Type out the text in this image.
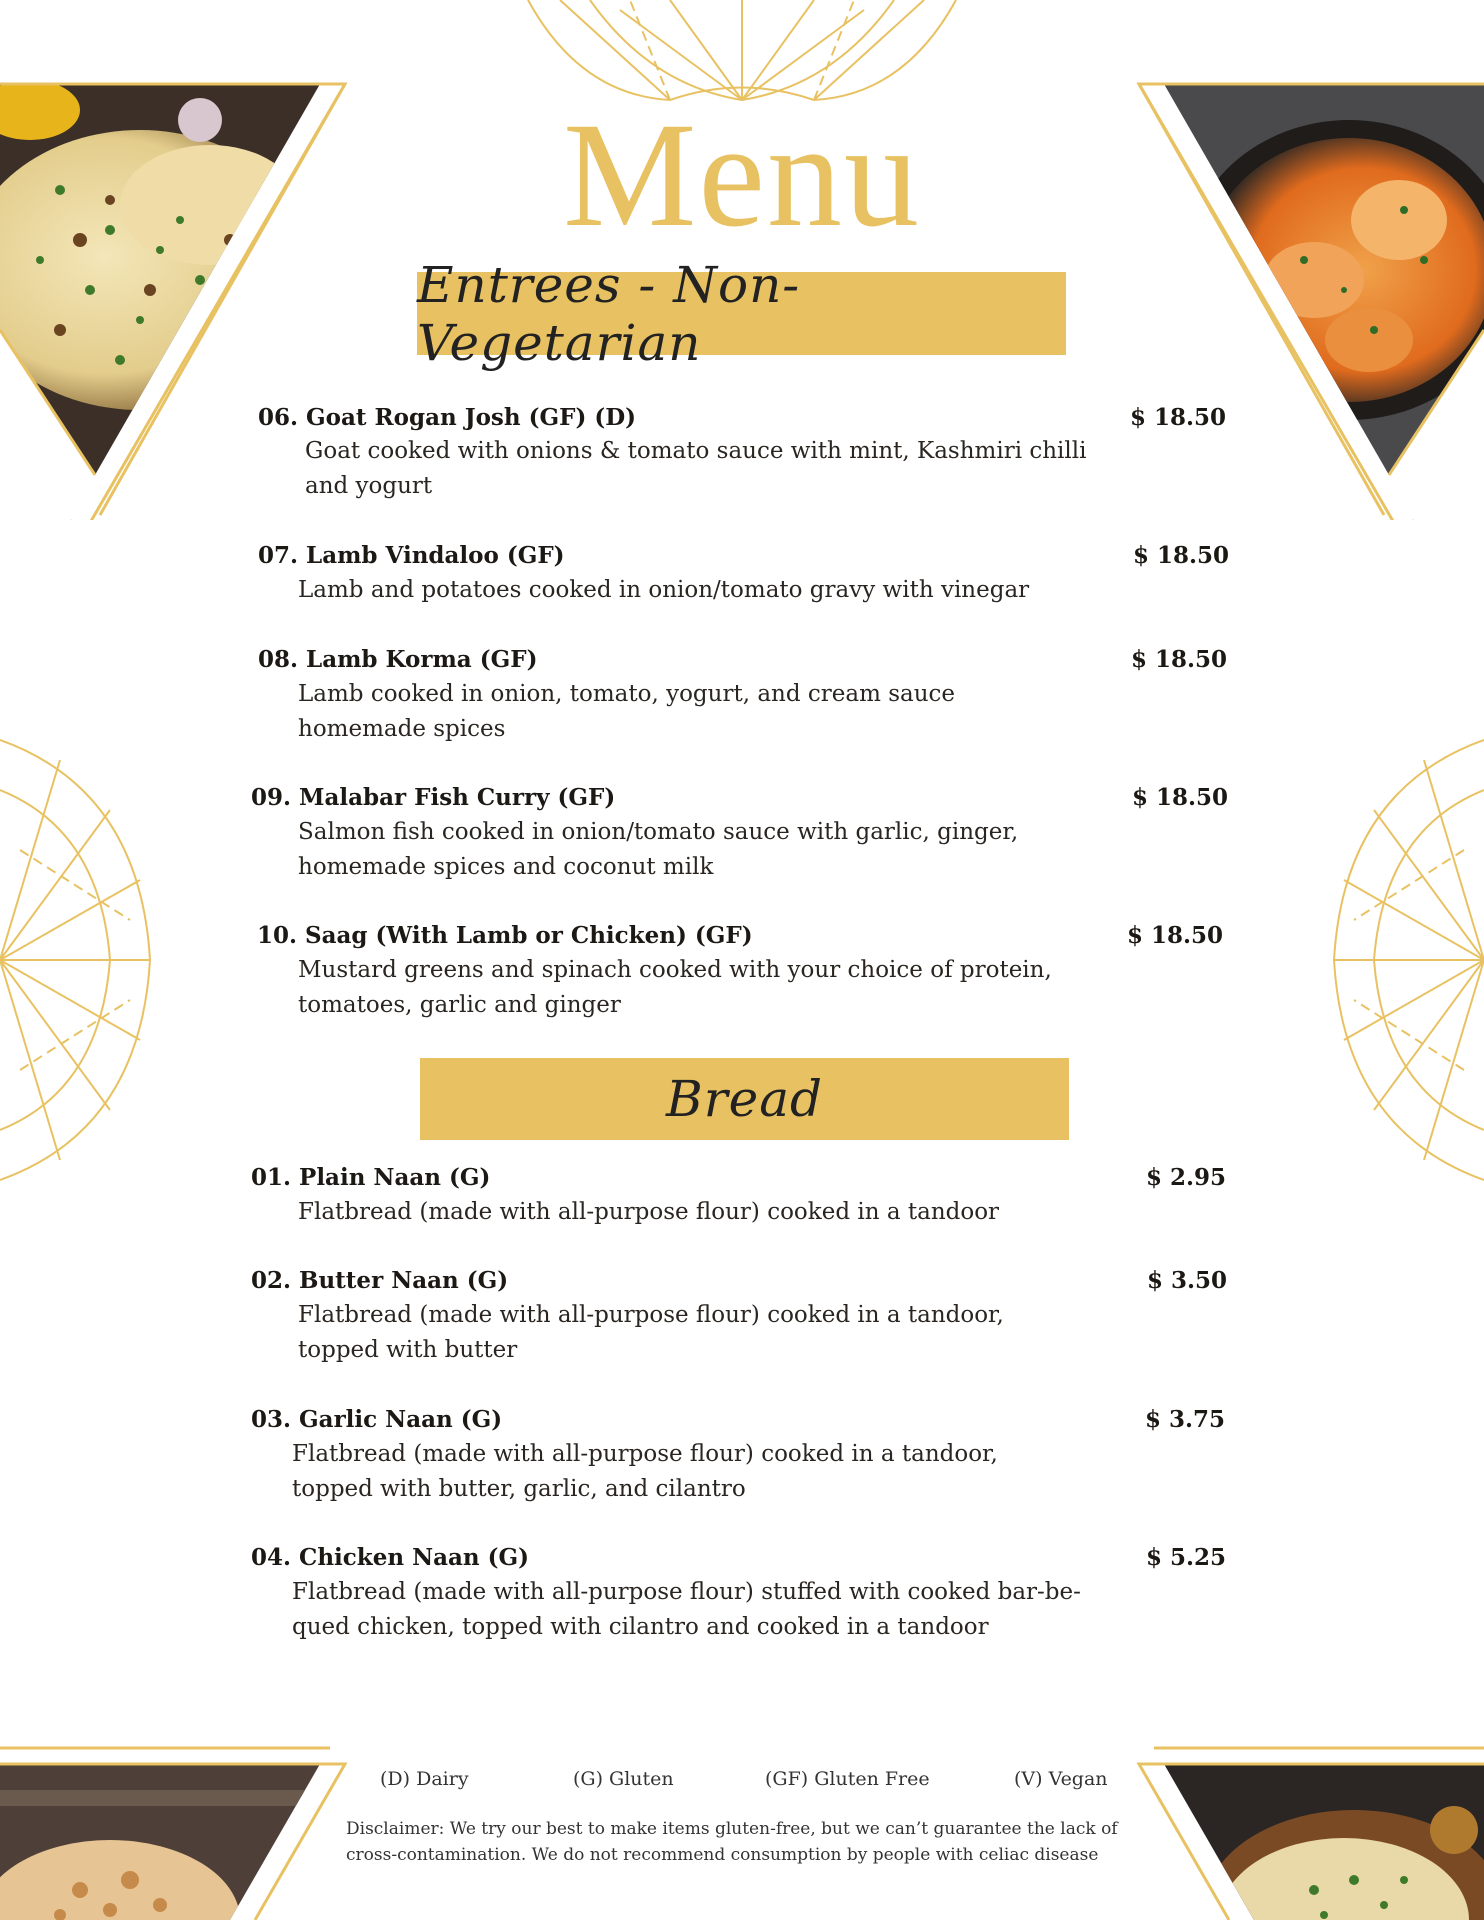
Menu
Entrees - Non-Vegetarian
06. Goat Rogan Josh (GF) (D)	$ 18.50
Goat cooked with onions & tomato sauce with mint, Kashmiri chilli and yogurt
07. Lamb Vindaloo (GF)	$ 18.50
Lamb and potatoes cooked in onion/tomato gravy with vinegar
08. Lamb Korma (GF)	$ 18.50
Lamb cooked in onion, tomato, yogurt, and cream sauce homemade spices
09. Malabar Fish Curry (GF)	$ 18.50
Salmon fish cooked in onion/tomato sauce with garlic, ginger, homemade spices and coconut milk
10. Saag (With Lamb or Chicken) (GF)	$ 18.50
Mustard greens and spinach cooked with your choice of protein, tomatoes, garlic and ginger
Bread
01. Plain Naan (G)	$ 2.95
Flatbread (made with all-purpose flour) cooked in a tandoor
02. Butter Naan (G)	$ 3.50
Flatbread (made with all-purpose flour) cooked in a tandoor, topped with butter
03. Garlic Naan (G)	$ 3.75
Flatbread (made with all-purpose flour) cooked in a tandoor, topped with butter, garlic, and cilantro
04. Chicken Naan (G)	$ 5.25
Flatbread (made with all-purpose flour) stuffed with cooked bar-be-qued chicken, topped with cilantro and cooked in a tandoor
(D) Dairy	(G) Gluten	(GF) Gluten Free	(V) Vegan
Disclaimer: We try our best to make items gluten-free, but we can’t guarantee the lack of cross-contamination. We do not recommend consumption by people with celiac disease
